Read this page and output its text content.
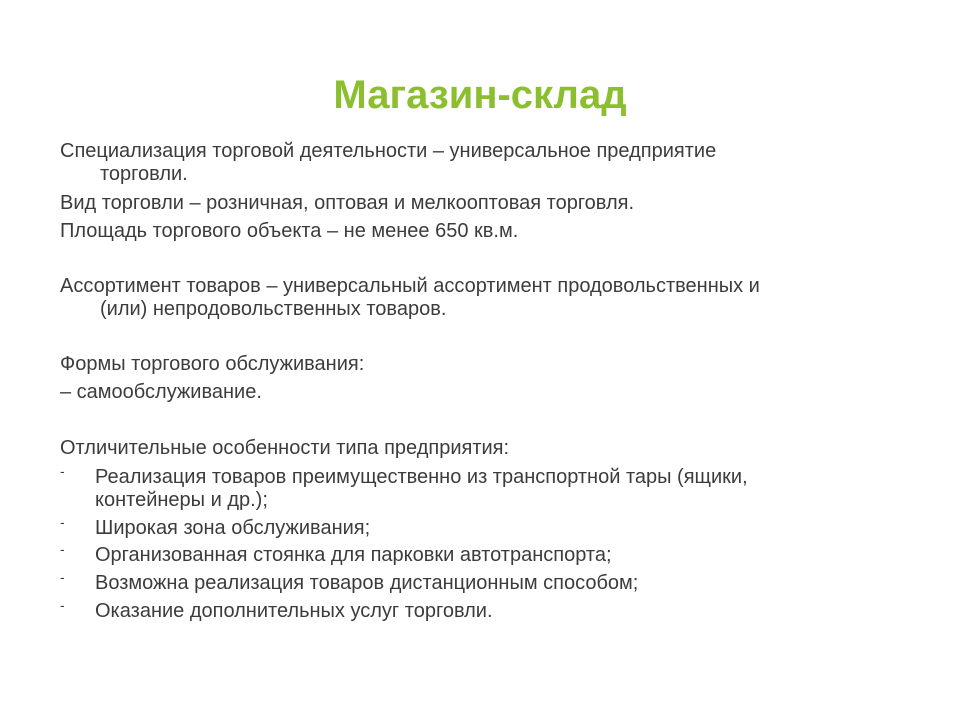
Магазин-склад
Специализация торговой деятельности – универсальное предприятие
торговли.
Вид торговли – розничная, оптовая и мелкооптовая торговля.
Площадь торгового объекта – не менее 650 кв.м.
Ассортимент товаров – универсальный ассортимент продовольственных и
(или) непродовольственных товаров.
Формы торгового обслуживания:
– самообслуживание.
Отличительные особенности типа предприятия:
-	Реализация товаров преимущественно из транспортной тары (ящики,
контейнеры и др.);
-	Широкая зона обслуживания;
-	Организованная стоянка для парковки автотранспорта;
-	Возможна реализация товаров дистанционным способом;
-	Оказание дополнительных услуг торговли.
